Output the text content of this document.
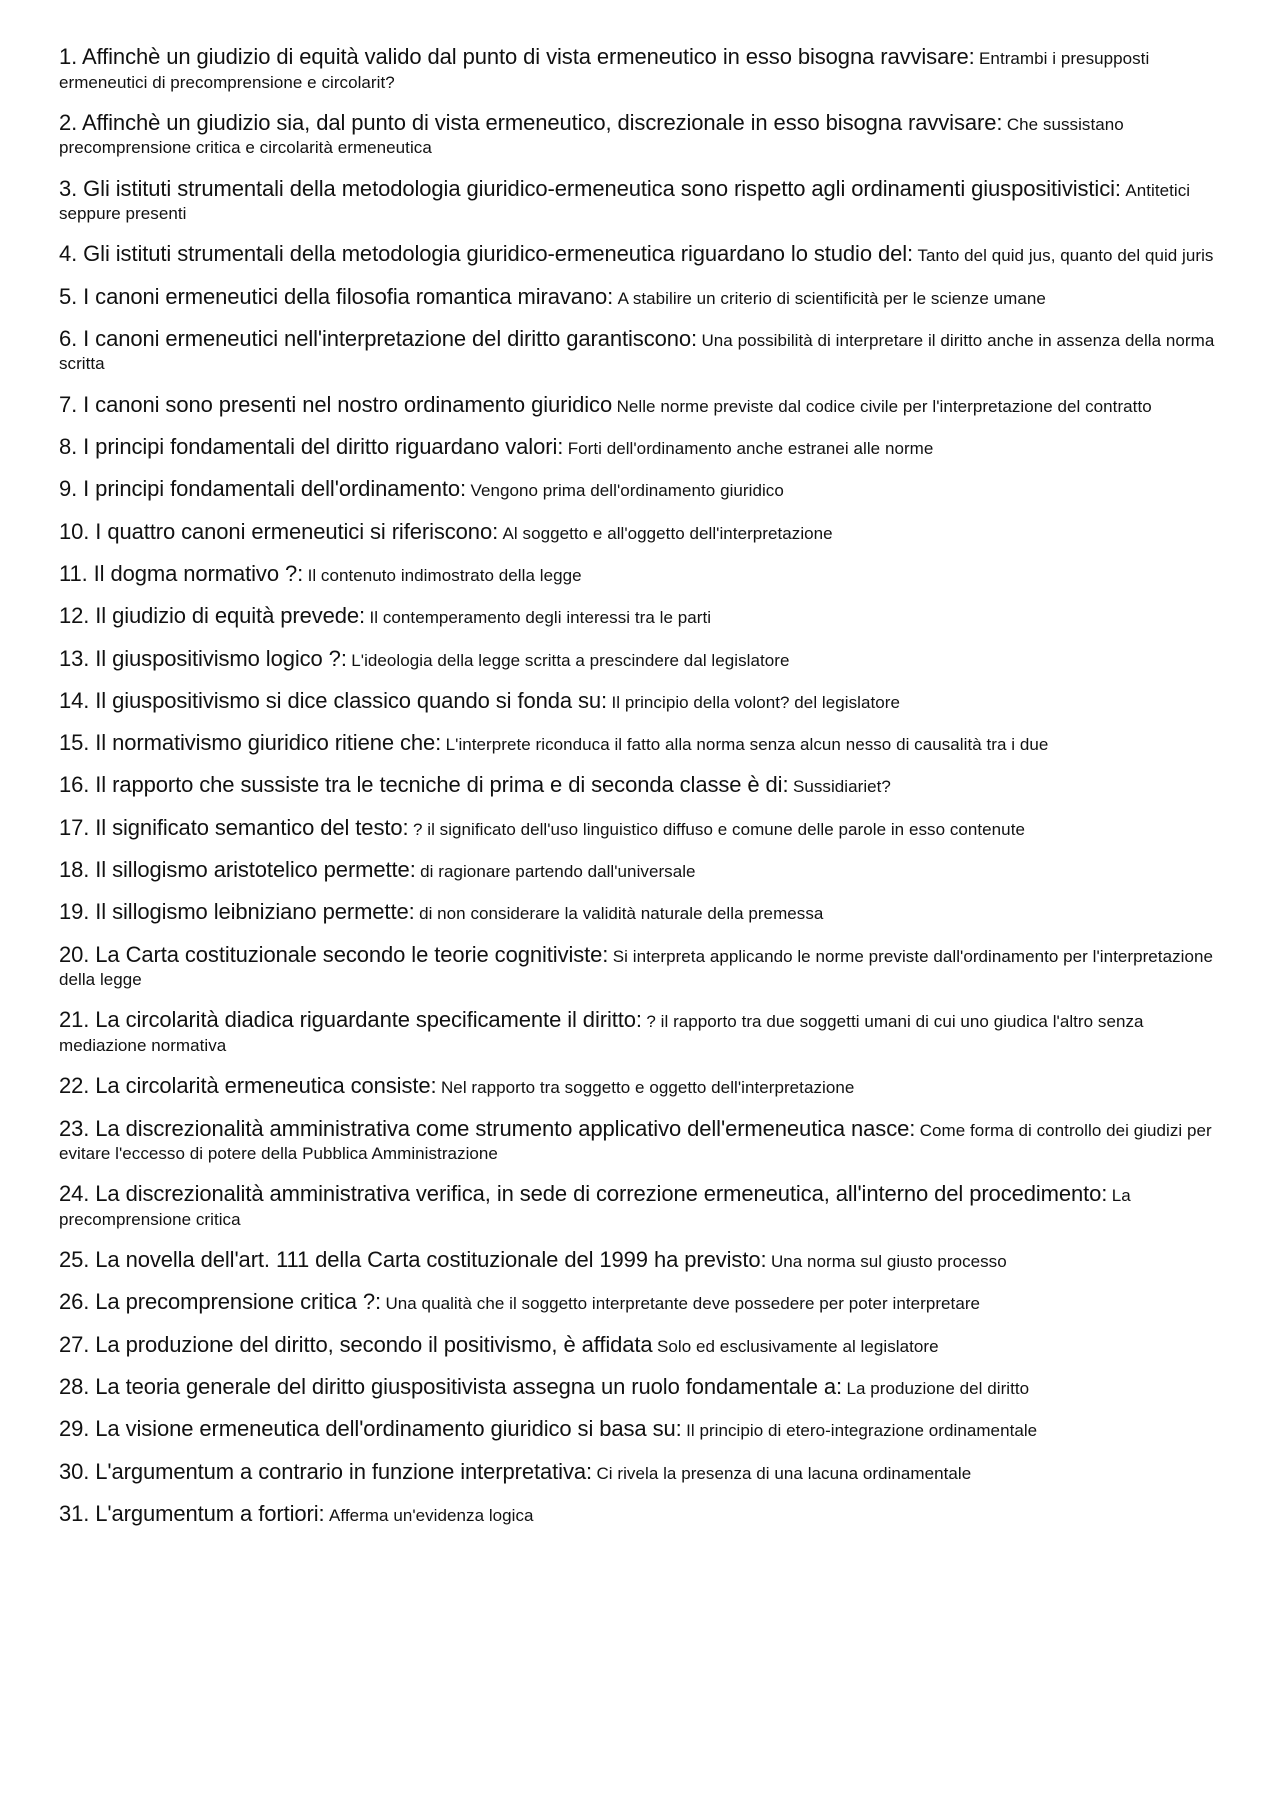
1. Affinchè un giudizio di equità valido dal punto di vista ermeneutico in esso bisogna ravvisare: Entrambi i presupposti ermeneutici di precomprensione e circolarit?
2. Affinchè un giudizio sia, dal punto di vista ermeneutico, discrezionale in esso bisogna ravvisare: Che sussistano precomprensione critica e circolarità ermeneutica
3. Gli istituti strumentali della metodologia giuridico-ermeneutica sono rispetto agli ordinamenti giuspositivistici: Antitetici seppure presenti
4. Gli istituti strumentali della metodologia giuridico-ermeneutica riguardano lo studio del: Tanto del quid jus, quanto del quid juris
5. I canoni ermeneutici della filosofia romantica miravano: A stabilire un criterio di scientificità per le scienze umane
6. I canoni ermeneutici nell'interpretazione del diritto garantiscono: Una possibilità di interpretare il diritto anche in assenza della norma scritta
7. I canoni sono presenti nel nostro ordinamento giuridico Nelle norme previste dal codice civile per l'interpretazione del contratto
8. I principi fondamentali del diritto riguardano valori: Forti dell'ordinamento anche estranei alle norme
9. I principi fondamentali dell'ordinamento: Vengono prima dell'ordinamento giuridico
10. I quattro canoni ermeneutici si riferiscono: Al soggetto e all'oggetto dell'interpretazione
11. Il dogma normativo ?: Il contenuto indimostrato della legge
12. Il giudizio di equità prevede: Il contemperamento degli interessi tra le parti
13. Il giuspositivismo logico ?: L'ideologia della legge scritta a prescindere dal legislatore
14. Il giuspositivismo si dice classico quando si fonda su: Il principio della volont? del legislatore
15. Il normativismo giuridico ritiene che: L'interprete riconduca il fatto alla norma senza alcun nesso di causalità tra i due
16. Il rapporto che sussiste tra le tecniche di prima e di seconda classe è di: Sussidiariet?
17. Il significato semantico del testo: ? il significato dell'uso linguistico diffuso e comune delle parole in esso contenute
18. Il sillogismo aristotelico permette: di ragionare partendo dall'universale
19. Il sillogismo leibniziano permette: di non considerare la validità naturale della premessa
20. La Carta costituzionale secondo le teorie cognitiviste: Si interpreta applicando le norme previste dall'ordinamento per l'interpretazione della legge
21. La circolarità diadica riguardante specificamente il diritto: ? il rapporto tra due soggetti umani di cui uno giudica l'altro senza mediazione normativa
22. La circolarità ermeneutica consiste: Nel rapporto tra soggetto e oggetto dell'interpretazione
23. La discrezionalità amministrativa come strumento applicativo dell'ermeneutica nasce: Come forma di controllo dei giudizi per evitare l'eccesso di potere della Pubblica Amministrazione
24. La discrezionalità amministrativa verifica, in sede di correzione ermeneutica, all'interno del procedimento: La precomprensione critica
25. La novella dell'art. 111 della Carta costituzionale del 1999 ha previsto: Una norma sul giusto processo
26. La precomprensione critica ?: Una qualità che il soggetto interpretante deve possedere per poter interpretare
27. La produzione del diritto, secondo il positivismo, è affidata Solo ed esclusivamente al legislatore
28. La teoria generale del diritto giuspositivista assegna un ruolo fondamentale a: La produzione del diritto
29. La visione ermeneutica dell'ordinamento giuridico si basa su: Il principio di etero-integrazione ordinamentale
30. L'argumentum a contrario in funzione interpretativa: Ci rivela la presenza di una lacuna ordinamentale
31. L'argumentum a fortiori: Afferma un'evidenza logica
